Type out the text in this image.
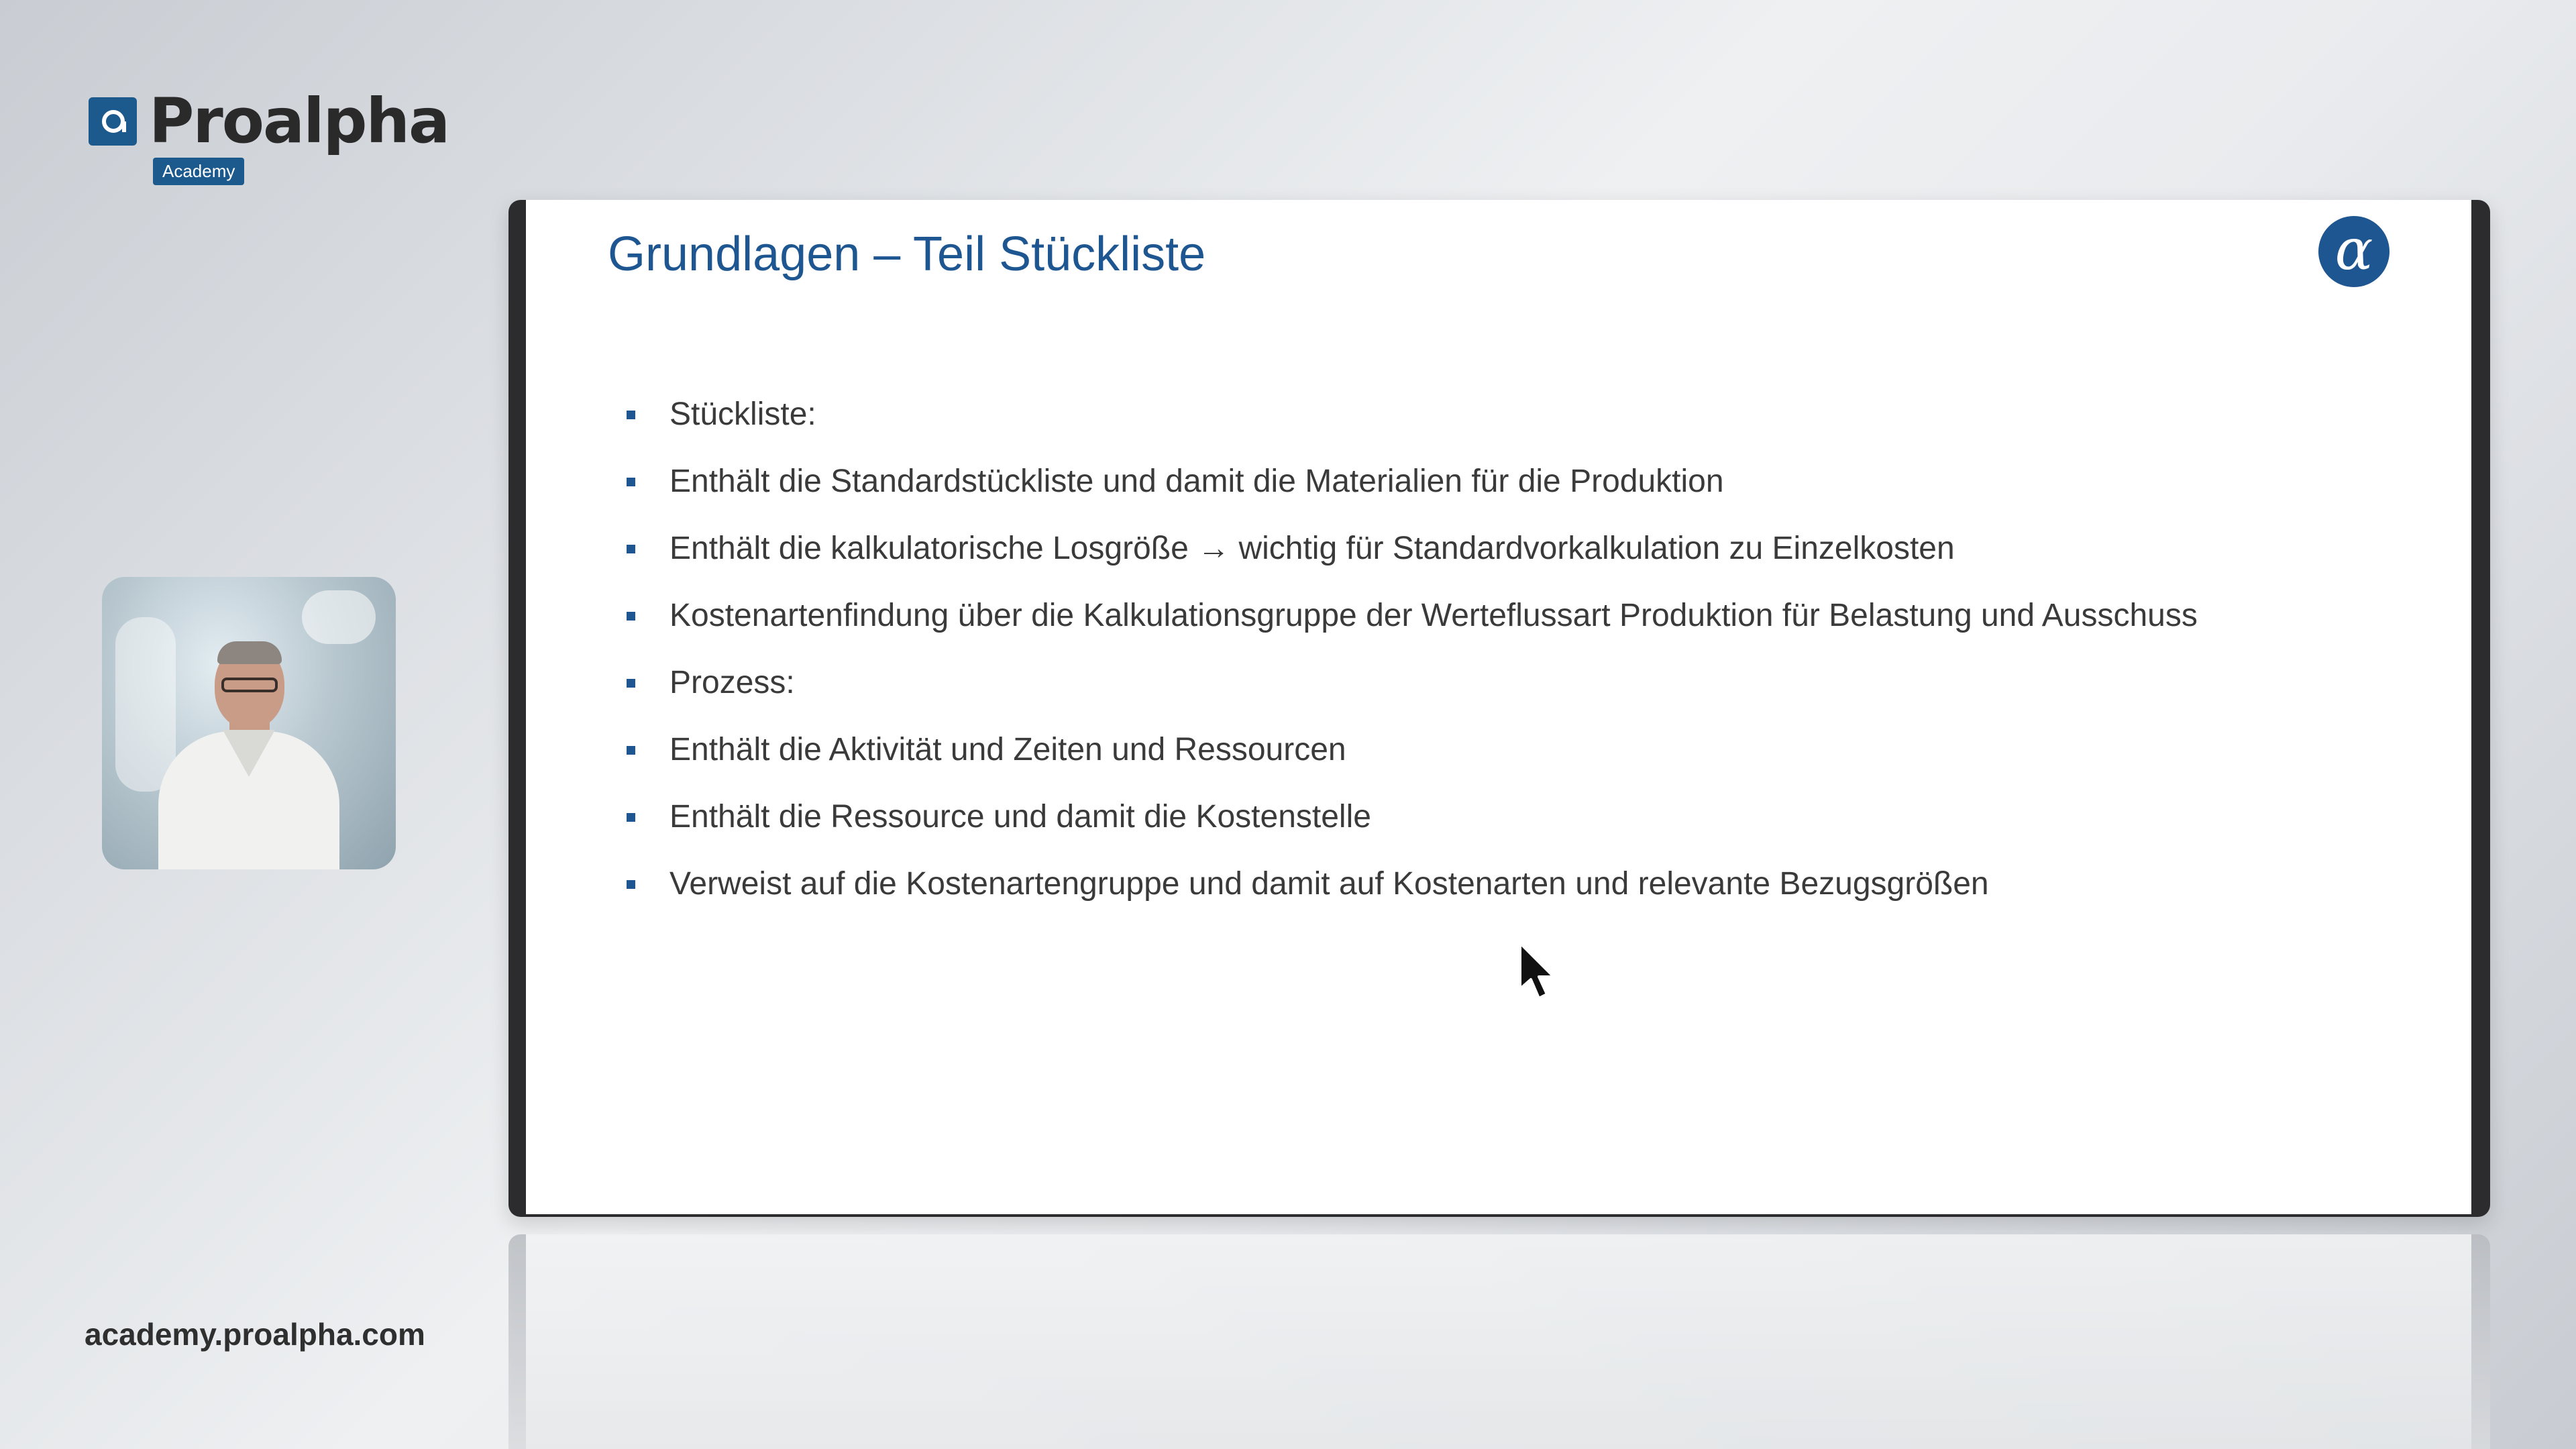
Proalpha
Academy
academy.proalpha.com
Grundlagen – Teil Stückliste	α
Stückliste:
Enthält die Standardstückliste und damit die Materialien für die Produktion
Enthält die kalkulatorische Losgröße → wichtig für Standardvorkalkulation zu Einzelkosten
Kostenartenfindung über die Kalkulationsgruppe der Werteflussart Produktion für Belastung und Ausschuss
Prozess:
Enthält die Aktivität und Zeiten und Ressourcen
Enthält die Ressource und damit die Kostenstelle
Verweist auf die Kostenartengruppe und damit auf Kostenarten und relevante Bezugsgrößen
